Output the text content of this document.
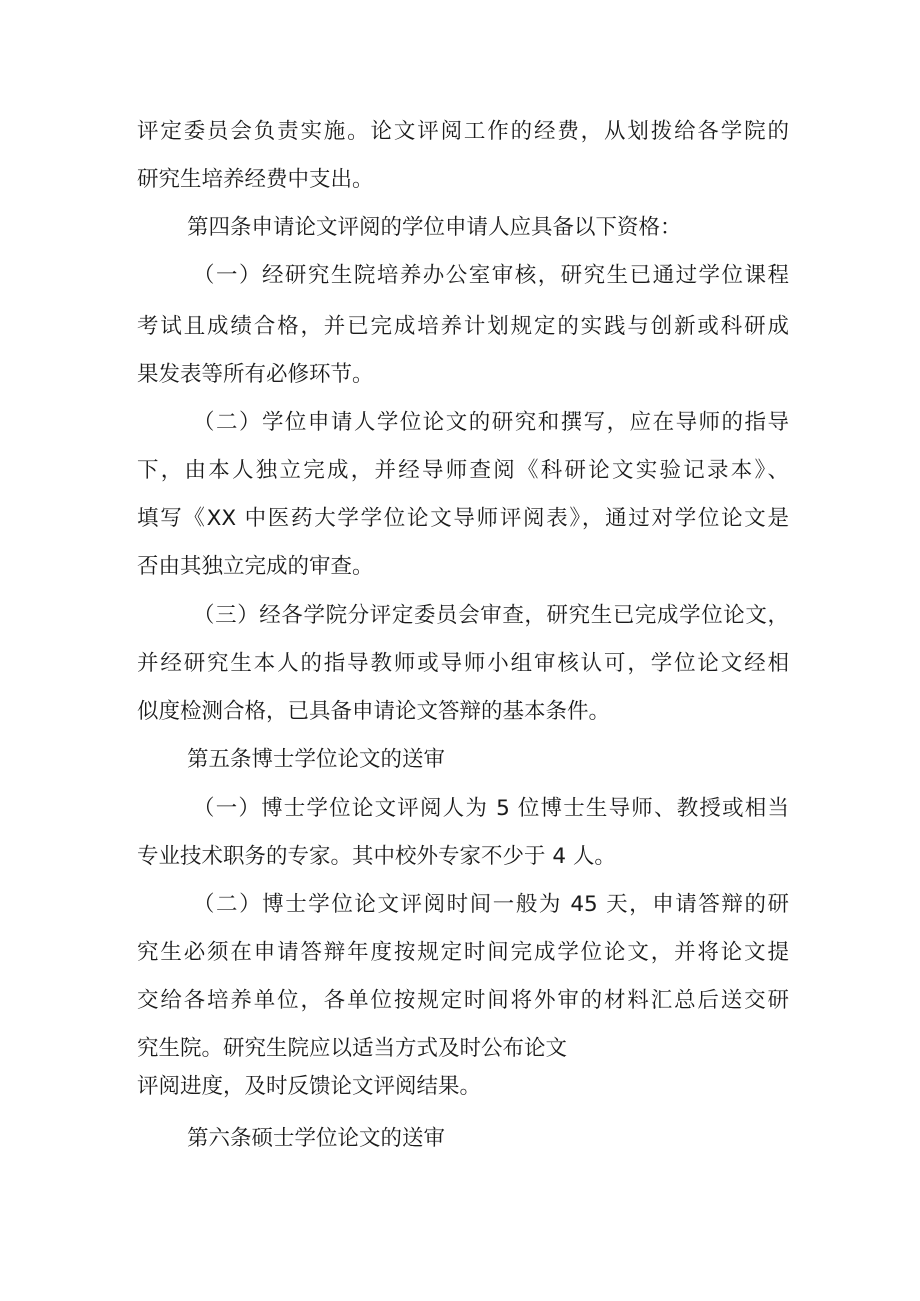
评定委员会负责实施。论文评阅工作的经费，从划拨给各学院的
研究生培养经费中支出。
第四条申请论文评阅的学位申请人应具备以下资格：
（一）经研究生院培养办公室审核，研究生已通过学位课程
考试且成绩合格，并已完成培养计划规定的实践与创新或科研成
果发表等所有必修环节。
（二）学位申请人学位论文的研究和撰写，应在导师的指导
下，由本人独立完成，并经导师查阅《科研论文实验记录本》、
填写《XX 中医药大学学位论文导师评阅表》，通过对学位论文是
否由其独立完成的审查。
（三）经各学院分评定委员会审查，研究生已完成学位论文，
并经研究生本人的指导教师或导师小组审核认可，学位论文经相
似度检测合格，已具备申请论文答辩的基本条件。
第五条博士学位论文的送审
（一）博士学位论文评阅人为 5 位博士生导师、教授或相当
专业技术职务的专家。其中校外专家不少于 4 人。
（二）博士学位论文评阅时间一般为 45 天，申请答辩的研
究生必须在申请答辩年度按规定时间完成学位论文，并将论文提
交给各培养单位，各单位按规定时间将外审的材料汇总后送交研
究生院。研究生院应以适当方式及时公布论文
评阅进度，及时反馈论文评阅结果。
第六条硕士学位论文的送审
